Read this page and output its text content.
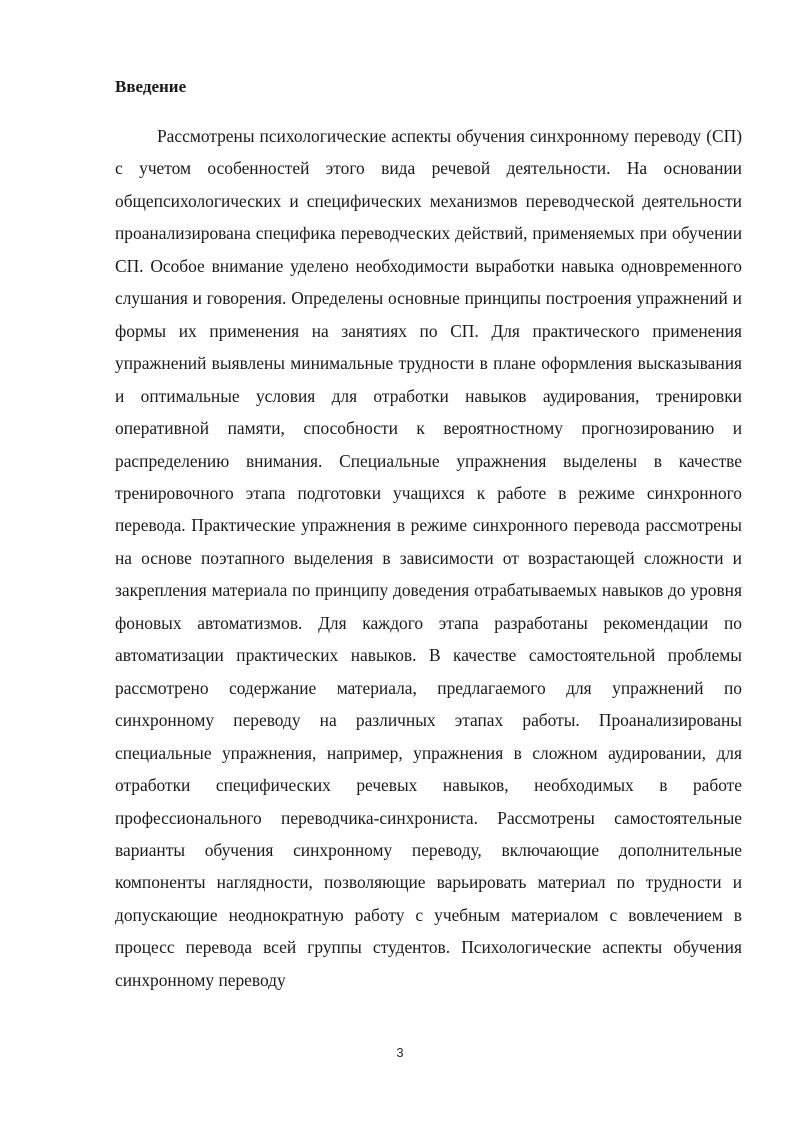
Введение

Рассмотрены психологические аспекты обучения синхронному переводу (СП) с учетом особенностей этого вида речевой деятельности. На основании общепсихологических и специфических механизмов переводческой деятельности проанализирована специфика переводческих действий, применяемых при обучении СП. Особое внимание уделено необходимости выработки навыка одновременного слушания и говорения. Определены основные принципы построения упражнений и формы их применения на занятиях по СП. Для практического применения упражнений выявлены минимальные трудности в плане оформления высказывания и оптимальные условия для отработки навыков аудирования, тренировки оперативной памяти, способности к вероятностному прогнозированию и распределению внимания. Специальные упражнения выделены в качестве тренировочного этапа подготовки учащихся к работе в режиме синхронного перевода. Практические упражнения в режиме синхронного перевода рассмотрены на основе поэтапного выделения в зависимости от возрастающей сложности и закрепления материала по принципу доведения отрабатываемых навыков до уровня фоновых автоматизмов. Для каждого этапа разработаны рекомендации по автоматизации практических навыков. В качестве самостоятельной проблемы рассмотрено содержание материала, предлагаемого для упражнений по синхронному переводу на различных этапах работы. Проанализированы специальные упражнения, например, упражнения в сложном аудировании, для отработки специфических речевых навыков, необходимых в работе профессионального переводчика-синхрониста. Рассмотрены самостоятельные варианты обучения синхронному переводу, включающие дополнительные компоненты наглядности, позволяющие варьировать материал по трудности и допускающие неоднократную работу с учебным материалом с вовлечением в процесс перевода всей группы студентов. Психологические аспекты обучения синхронному переводу

3
